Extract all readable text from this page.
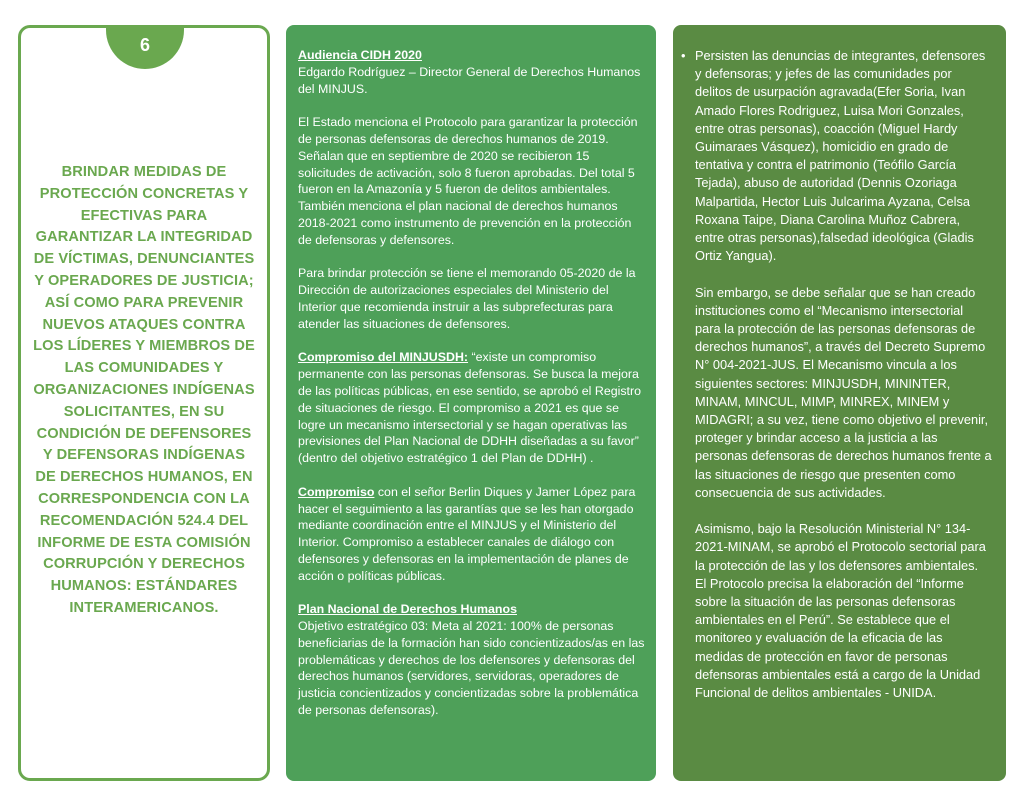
BRINDAR MEDIDAS DE PROTECCIÓN CONCRETAS Y EFECTIVAS PARA GARANTIZAR LA INTEGRIDAD DE VÍCTIMAS, DENUNCIANTES Y OPERADORES DE JUSTICIA; ASÍ COMO PARA PREVENIR NUEVOS ATAQUES CONTRA LOS LÍDERES Y MIEMBROS DE LAS COMUNIDADES Y ORGANIZACIONES INDÍGENAS SOLICITANTES, EN SU CONDICIÓN DE DEFENSORES Y DEFENSORAS INDÍGENAS DE DERECHOS HUMANOS, EN CORRESPONDENCIA CON LA RECOMENDACIÓN 524.4 DEL INFORME DE ESTA COMISIÓN CORRUPCIÓN Y DERECHOS HUMANOS: ESTÁNDARES INTERAMERICANOS.
6	Audiencia CIDH 2020

Edgardo Rodríguez – Director General de Derechos Humanos del MINJUS.

El Estado menciona el Protocolo para garantizar la protección de personas defensoras de derechos humanos de 2019. Señalan que en septiembre de 2020 se recibieron 15 solicitudes de activación, solo 8 fueron aprobadas. Del total 5 fueron en la Amazonía y 5 fueron de delitos ambientales. También menciona el plan nacional de derechos humanos 2018-2021 como instrumento de prevención en la protección de defensoras y defensores.

Para brindar protección se tiene el memorando 05-2020 de la Dirección de autorizaciones especiales del Ministerio del Interior que recomienda instruir a las subprefecturas para atender las situaciones de defensores.

Compromiso del MINJUSDH: “existe un compromiso permanente con las personas defensoras. Se busca la mejora de las políticas públicas, en ese sentido, se aprobó el Registro de situaciones de riesgo. El compromiso a 2021 es que se logre un mecanismo intersectorial y se hagan operativas las previsiones del Plan Nacional de DDHH diseñadas a su favor” (dentro del objetivo estratégico 1 del Plan de DDHH) .

Compromiso con el señor Berlin Diques y Jamer López para hacer el seguimiento a las garantías que se les han otorgado mediante coordinación entre el MINJUS y el Ministerio del Interior. Compromiso a establecer canales de diálogo con defensores y defensoras en la implementación de planes de acción o políticas públicas.

Plan Nacional de Derechos Humanos

Objetivo estratégico 03: Meta al 2021: 100% de personas beneficiarias de la formación han sido concientizados/as en las problemáticas y derechos de los defensores y defensoras del derechos humanos (servidores, servidoras, operadores de justicia concientizados y concientizadas sobre la problemática de personas defensoras).

• Persisten las denuncias de integrantes, defensores y defensoras; y jefes de las comunidades por delitos de usurpación agravada(Efer Soria, Ivan Amado Flores Rodriguez, Luisa Mori Gonzales, entre otras personas), coacción (Miguel Hardy Guimaraes Vásquez), homicidio en grado de tentativa y contra el patrimonio (Teófilo García Tejada), abuso de autoridad (Dennis Ozoriaga Malpartida, Hector Luis Julcarima Ayzana, Celsa Roxana Taipe, Diana Carolina Muñoz Cabrera, entre otras personas),falsedad ideológica (Gladis Ortiz Yangua).

Sin embargo, se debe señalar que se han creado instituciones como el “Mecanismo intersectorial para la protección de las personas defensoras de derechos humanos”, a través del Decreto Supremo N° 004-2021-JUS. El Mecanismo vincula a los siguientes sectores: MINJUSDH, MININTER, MINAM, MINCUL, MIMP, MINREX, MINEM y MIDAGRI; a su vez, tiene como objetivo el prevenir, proteger y brindar acceso a la justicia a las personas defensoras de derechos humanos frente a las situaciones de riesgo que presenten como consecuencia de sus actividades.

Asimismo, bajo la Resolución Ministerial N° 134-2021-MINAM, se aprobó el Protocolo sectorial para la protección de las y los defensores ambientales. El Protocolo precisa la elaboración del “Informe sobre la situación de las personas defensoras ambientales en el Perú”. Se establece que el monitoreo y evaluación de la eficacia de las medidas de protección en favor de personas defensoras ambientales está a cargo de la Unidad Funcional de delitos ambientales - UNIDA.
